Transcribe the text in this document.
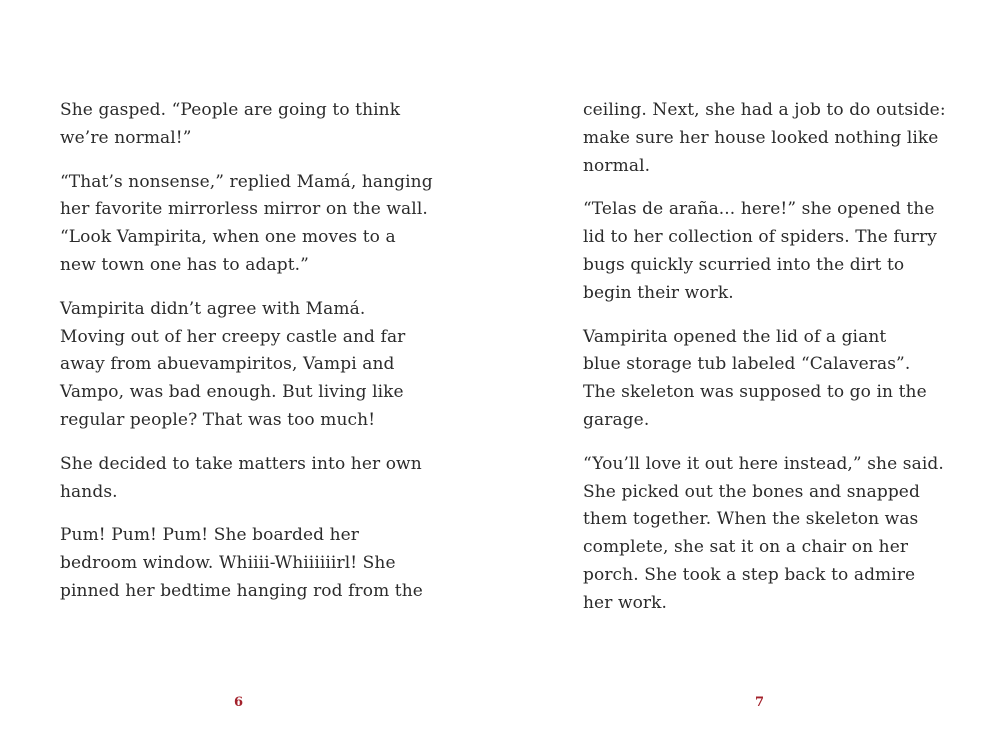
She gasped. “People are going to think
we’re normal!”

“That’s nonsense,” replied Mamá, hanging
her favorite mirrorless mirror on the wall.
“Look Vampirita, when one moves to a
new town one has to adapt.”

Vampirita didn’t agree with Mamá.
Moving out of her creepy castle and far
away from abuevampiritos, Vampi and
Vampo, was bad enough. But living like
regular people? That was too much!

She decided to take matters into her own
hands.

Pum! Pum! Pum! She boarded her
bedroom window. Whiiii-Whiiiiiirl! She
pinned her bedtime hanging rod from the

6

ceiling. Next, she had a job to do outside:
make sure her house looked nothing like
normal.

“Telas de araña... here!” she opened the
lid to her collection of spiders. The furry
bugs quickly scurried into the dirt to
begin their work.

Vampirita opened the lid of a giant
blue storage tub labeled “Calaveras”.
The skeleton was supposed to go in the
garage.

“You’ll love it out here instead,” she said.
She picked out the bones and snapped
them together. When the skeleton was
complete, she sat it on a chair on her
porch. She took a step back to admire
her work.

7
